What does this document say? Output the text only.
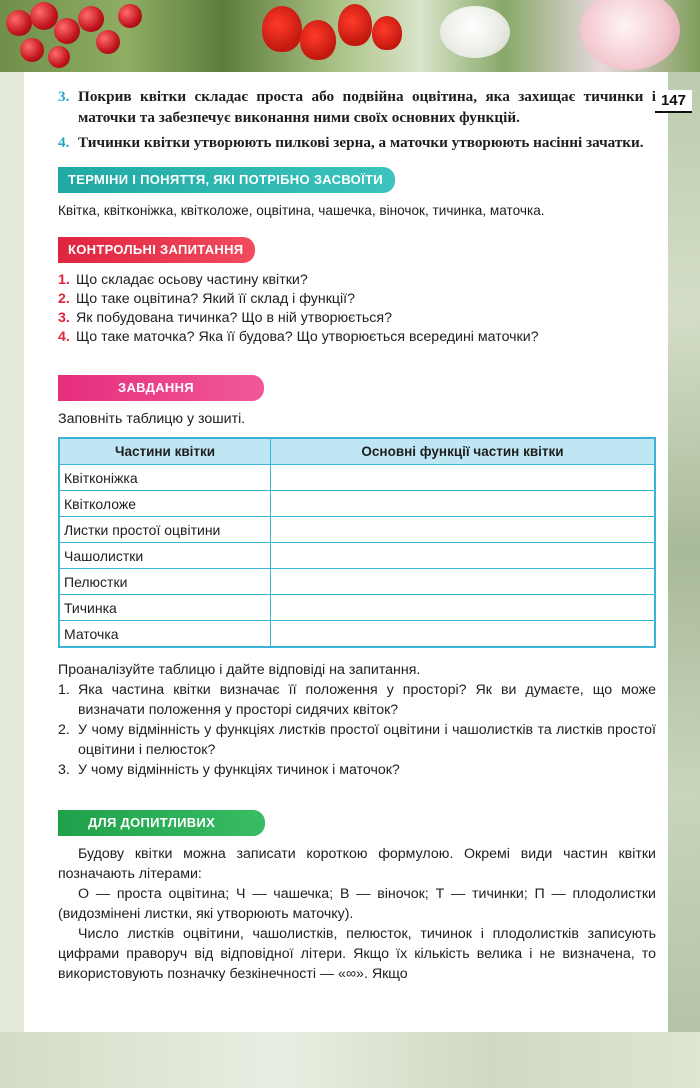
147
3. Покрив квітки складає проста або подвійна оцвітина, яка захищає тичинки і маточки та забезпечує виконання ними своїх основних функцій.
4. Тичинки квітки утворюють пилкові зерна, а маточки утворюють насінні зачатки.
ТЕРМІНИ І ПОНЯТТЯ, ЯКІ ПОТРІБНО ЗАСВОЇТИ

Квітка, квітконіжка, квітколоже, оцвітина, чашечка, віночок, тичинка, маточка.

КОНТРОЛЬНІ ЗАПИТАННЯ

1. Що складає осьову частину квітки?

2. Що таке оцвітина? Який її склад і функції?

3. Як побудована тичинка? Що в ній утворюється?

4. Що таке маточка? Яка її будова? Що утворюється всередині маточки?

ЗАВДАННЯ

Заповніть таблицю у зошиті.

Частини квітки	Основні функції частин квітки
Квітконіжка	
Квітколоже	
Листки простої оцвітини	
Чашолистки	
Пелюстки	
Тичинка	
Маточка	

Проаналізуйте таблицю і дайте відповіді на запитання.

1. Яка частина квітки визначає її положення у просторі? Як ви думаєте, що може визначати положення у просторі сидячих квіток?
2. У чому відмінність у функціях листків простої оцвітини і чашолистків та листків простої оцвітини і пелюсток?
3. У чому відмінність у функціях тичинок і маточок?
ДЛЯ ДОПИТЛИВИХ

Будову квітки можна записати короткою формулою. Окремі види частин квітки позначають літерами:

О — проста оцвітина; Ч — чашечка; В — віночок; Т — тичинки; П — плодолистки (видозмінені листки, які утворюють маточку).

Число листків оцвітини, чашолистків, пелюсток, тичинок і плодолистків записують цифрами праворуч від відповідної літери. Якщо їх кількість велика і не визначена, то використовують позначку безкінечності — «∞». Якщо
